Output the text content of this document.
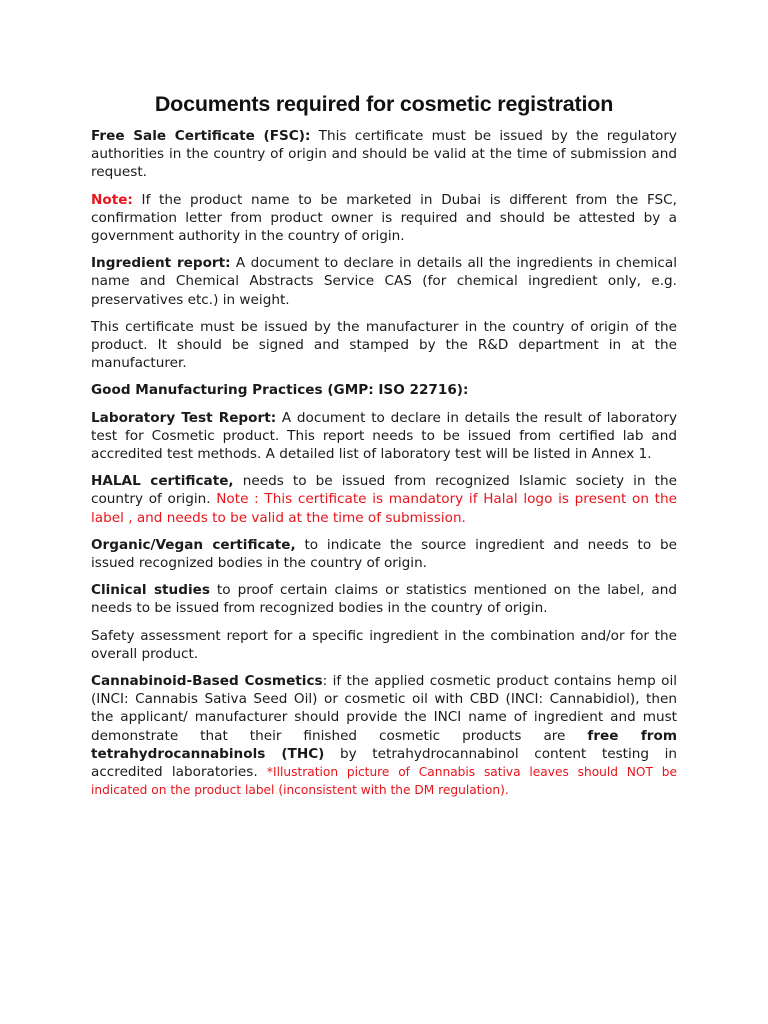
Documents required for cosmetic registration

Free Sale Certificate (FSC): This certificate must be issued by the regulatory authorities in the country of origin and should be valid at the time of submission and request.

Note: If the product name to be marketed in Dubai is different from the FSC, confirmation letter from product owner is required and should be attested by a government authority in the country of origin.

Ingredient report: A document to declare in details all the ingredients in chemical name and Chemical Abstracts Service CAS (for chemical ingredient only, e.g. preservatives etc.) in weight.

This certificate must be issued by the manufacturer in the country of origin of the product. It should be signed and stamped by the R&D department in at the manufacturer.

Good Manufacturing Practices (GMP: ISO 22716):

Laboratory Test Report: A document to declare in details the result of laboratory test for Cosmetic product. This report needs to be issued from certified lab and accredited test methods. A detailed list of laboratory test will be listed in Annex 1.

HALAL certificate, needs to be issued from recognized Islamic society in the country of origin. Note : This certificate is mandatory if Halal logo is present on the label , and needs to be valid at the time of submission.

Organic/Vegan certificate, to indicate the source ingredient and needs to be issued recognized bodies in the country of origin.

Clinical studies to proof certain claims or statistics mentioned on the label, and needs to be issued from recognized bodies in the country of origin.

Safety assessment report for a specific ingredient in the combination and/or for the overall product.

Cannabinoid-Based Cosmetics: if the applied cosmetic product contains hemp oil (INCI: Cannabis Sativa Seed Oil) or cosmetic oil with CBD (INCI: Cannabidiol), then the applicant/ manufacturer should provide the INCI name of ingredient and must demonstrate that their finished cosmetic products are free from tetrahydrocannabinols (THC) by tetrahydrocannabinol content testing in accredited laboratories. *Illustration picture of Cannabis sativa leaves should NOT be indicated on the product label (inconsistent with the DM regulation).
